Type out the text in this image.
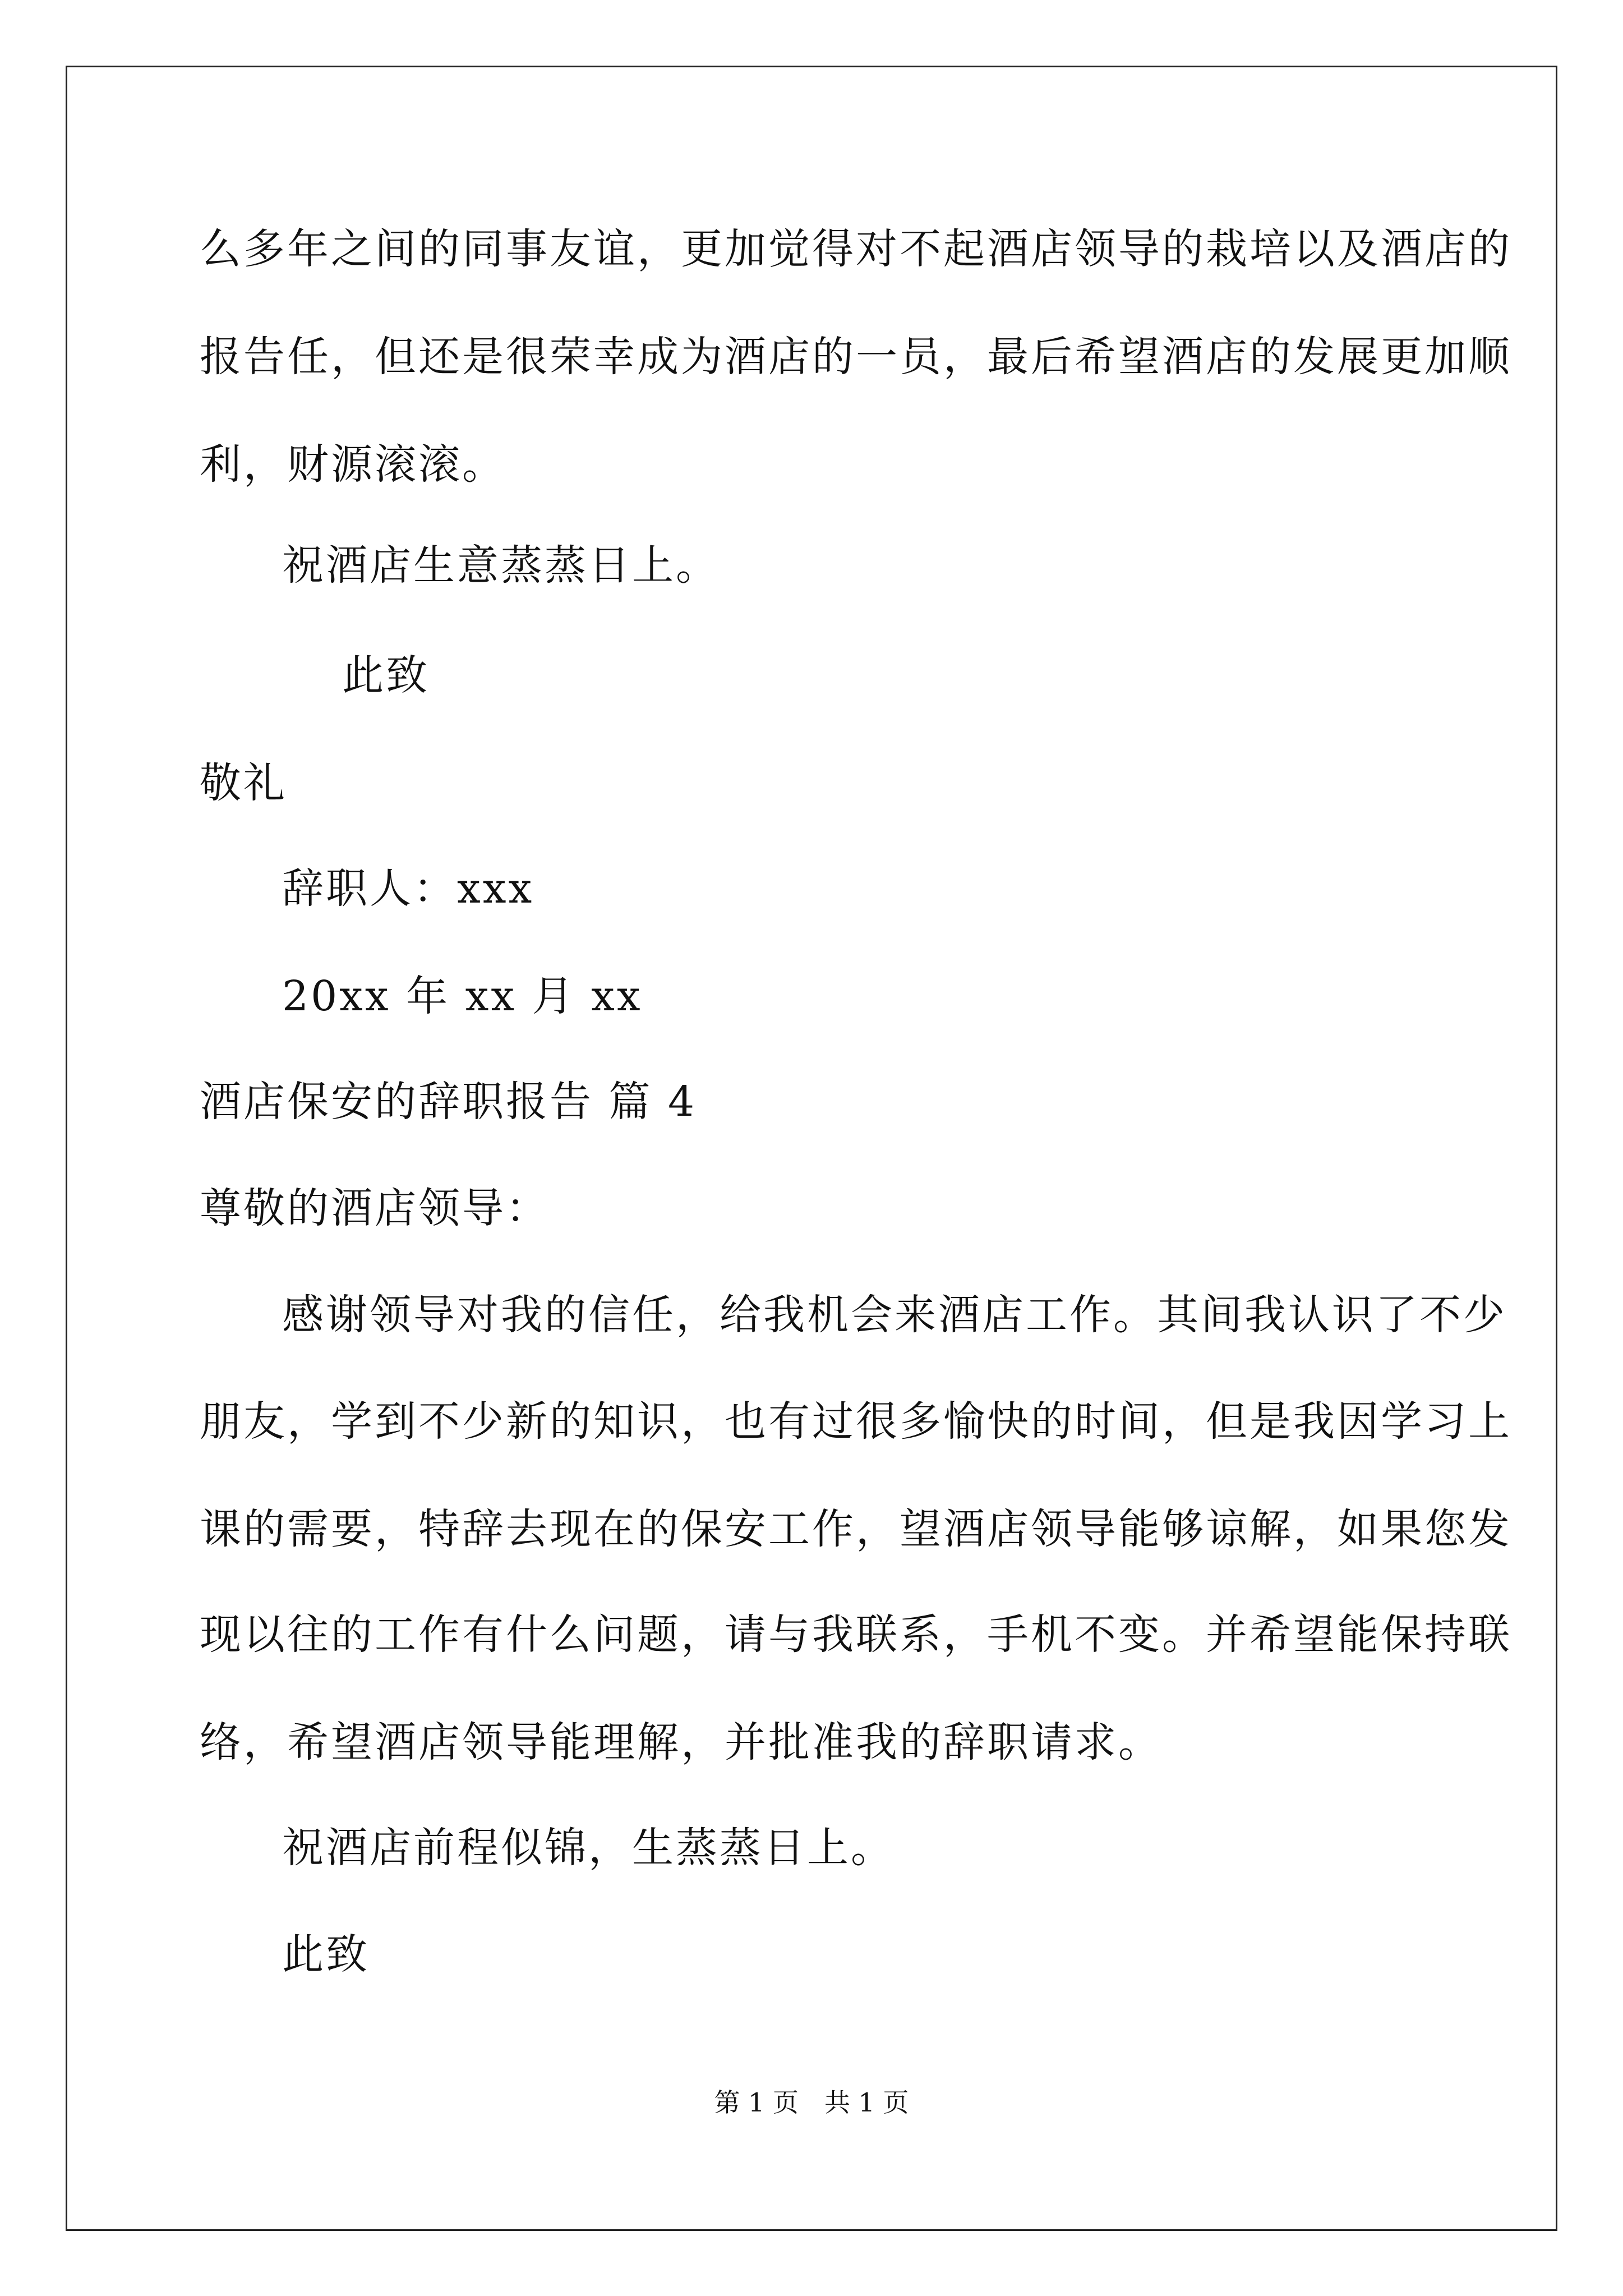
么多年之间的同事友谊，更加觉得对不起酒店领导的栽培以及酒店的
报告任，但还是很荣幸成为酒店的一员，最后希望酒店的发展更加顺
利，财源滚滚。
祝酒店生意蒸蒸日上。
此致
敬礼
辞职人：xxx
20xx 年 xx 月 xx
酒店保安的辞职报告 篇 4
尊敬的酒店领导：
感谢领导对我的信任，给我机会来酒店工作。其间我认识了不少
朋友，学到不少新的知识，也有过很多愉快的时间，但是我因学习上
课的需要，特辞去现在的保安工作，望酒店领导能够谅解，如果您发
现以往的工作有什么问题，请与我联系，手机不变。并希望能保持联
络，希望酒店领导能理解，并批准我的辞职请求。
祝酒店前程似锦，生蒸蒸日上。
此致
第 1 页　共 1 页
